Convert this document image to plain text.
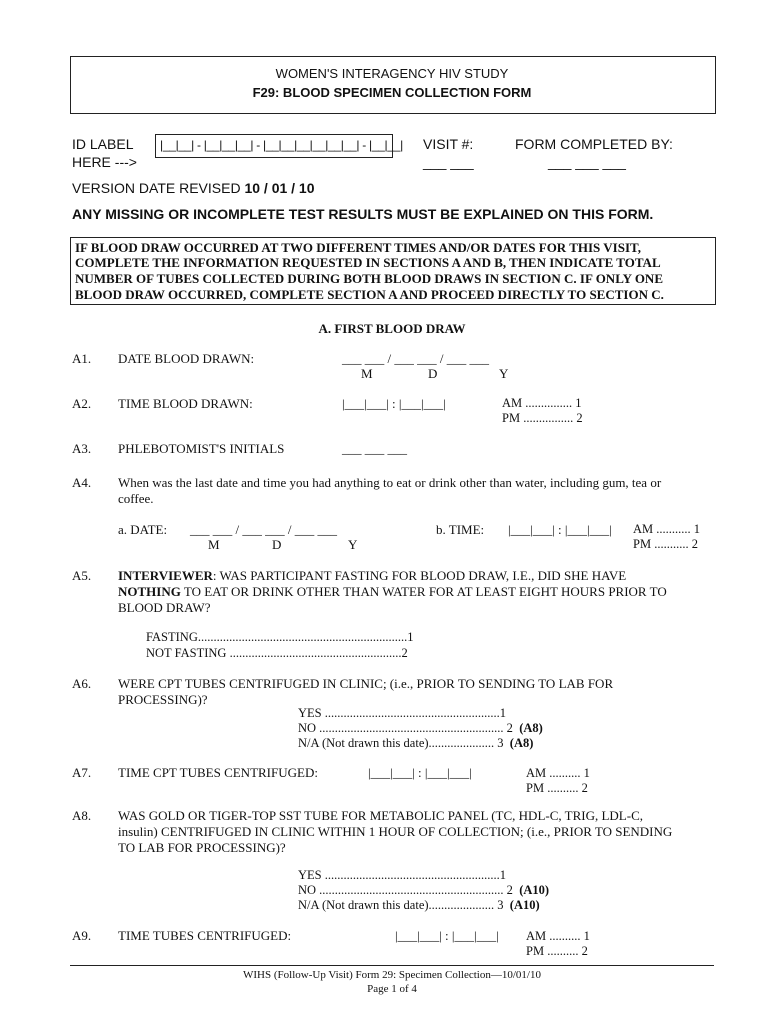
WOMEN'S INTERAGENCY HIV STUDY
F29: BLOOD SPECIMEN COLLECTION FORM
ID LABEL
HERE --->
|__|__| - |__|__|__| - |__|__|__|__|__|__| - |__|__| VISIT #:
___ ___
FORM COMPLETED BY:
___ ___ ___
VERSION DATE REVISED 10 / 01 / 10
ANY MISSING OR INCOMPLETE TEST RESULTS MUST BE EXPLAINED ON THIS FORM.
IF BLOOD DRAW OCCURRED AT TWO DIFFERENT TIMES AND/OR DATES FOR THIS VISIT,
COMPLETE THE INFORMATION REQUESTED IN SECTIONS A AND B, THEN INDICATE TOTAL
NUMBER OF TUBES COLLECTED DURING BOTH BLOOD DRAWS IN SECTION C. IF ONLY ONE
BLOOD DRAW OCCURRED, COMPLETE SECTION A AND PROCEED DIRECTLY TO SECTION C.
A. FIRST BLOOD DRAW
A1. DATE BLOOD DRAWN:	___ ___ / ___ ___ / ___ ___
M	D	Y
A2. TIME BLOOD DRAWN:	|___|___| : |___|___|	AM ............... 1
PM ................ 2
A3. PHLEBOTOMIST'S INITIALS	___ ___ ___
A4. When was the last date and time you had anything to eat or drink other than water, including gum, tea or
coffee.
a. DATE: ___ ___ / ___ ___ / ___ ___
M	D	Y
b. TIME: |___|___| : |___|___| AM ........... 1
PM ........... 2
A5. INTERVIEWER: WAS PARTICIPANT FASTING FOR BLOOD DRAW, I.E., DID SHE HAVE
NOTHING TO EAT OR DRINK OTHER THAN WATER FOR AT LEAST EIGHT HOURS PRIOR TO
BLOOD DRAW?
FASTING...................................................................1
NOT FASTING .......................................................2
A6. WERE CPT TUBES CENTRIFUGED IN CLINIC; (i.e., PRIOR TO SENDING TO LAB FOR
PROCESSING)?
YES ........................................................1
NO ........................................................... 2 (A8)
N/A (Not drawn this date)..................... 3 (A8)
A7. TIME CPT TUBES CENTRIFUGED:	|___|___| : |___|___|	AM .......... 1
PM .......... 2
A8. WAS GOLD OR TIGER-TOP SST TUBE FOR METABOLIC PANEL (TC, HDL-C, TRIG, LDL-C,
insulin) CENTRIFUGED IN CLINIC WITHIN 1 HOUR OF COLLECTION; (i.e., PRIOR TO SENDING
TO LAB FOR PROCESSING)?
YES ........................................................1
NO ........................................................... 2 (A10)
N/A (Not drawn this date)..................... 3 (A10)
A9. TIME TUBES CENTRIFUGED:	|___|___| : |___|___| AM .......... 1
PM .......... 2
WIHS (Follow-Up Visit) Form 29: Specimen Collection—10/01/10
Page 1 of 4
